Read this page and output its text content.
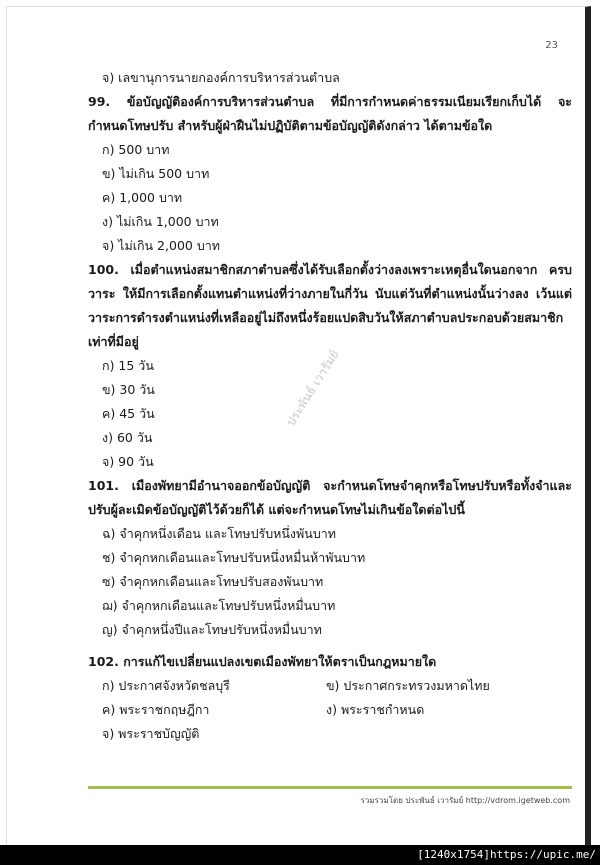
23
ประพันธ์ เวารัมย์
จ) เลขานุการนายกองค์การบริหารส่วนตำบล
99. ข้อบัญญัติองค์การบริหารส่วนตำบล ที่มีการกำหนดค่าธรรมเนียมเรียกเก็บได้ จะกำหนดโทษปรับ สำหรับผู้ฝ่าฝืนไม่ปฏิบัติตามข้อบัญญัติดังกล่าว ได้ตามข้อใด
ก) 500 บาท
ข) ไม่เกิน 500 บาท
ค) 1,000 บาท
ง) ไม่เกิน 1,000 บาท
จ) ไม่เกิน 2,000 บาท
100. เมื่อตำแหน่งสมาชิกสภาตำบลซึ่งได้รับเลือกตั้งว่างลงเพราะเหตุอื่นใดนอกจาก ครบวาระ ให้มีการเลือกตั้งแทนตำแหน่งที่ว่างภายในกี่วัน นับแต่วันที่ตำแหน่งนั้นว่างลง เว้นแต่วาระการดำรงตำแหน่งที่เหลืออยู่ไม่ถึงหนึ่งร้อยแปดสิบวันให้สภาตำบลประกอบด้วยสมาชิกเท่าที่มีอยู่
ก) 15 วัน
ข) 30 วัน
ค) 45 วัน
ง) 60 วัน
จ) 90 วัน
101. เมืองพัทยามีอำนาจออกข้อบัญญัติ จะกำหนดโทษจำคุกหรือโทษปรับหรือทั้งจำและปรับผู้ละเมิดข้อบัญญัติไว้ด้วยก็ได้ แต่จะกำหนดโทษไม่เกินข้อใดต่อไปนี้
ฉ) จำคุกหนึ่งเดือน และโทษปรับหนึ่งพันบาท
ช) จำคุกหกเดือนและโทษปรับหนึ่งหมื่นห้าพันบาท
ซ) จำคุกหกเดือนและโทษปรับสองพันบาท
ฌ) จำคุกหกเดือนและโทษปรับหนึ่งหมื่นบาท
ญ) จำคุกหนึ่งปีและโทษปรับหนึ่งหมื่นบาท
102. การแก้ไขเปลี่ยนแปลงเขตเมืองพัทยาให้ตราเป็นกฎหมายใด
ก) ประกาศจังหวัดชลบุรี	ข) ประกาศกระทรวงมหาดไทย
ค) พระราชกฤษฎีกา	ง) พระราชกำหนด
จ) พระราชบัญญัติ
รวมรวมโดย ประพันธ์ เวารัมย์ http://vdrom.igetweb.com
[1240x1754]https://upic.me/
